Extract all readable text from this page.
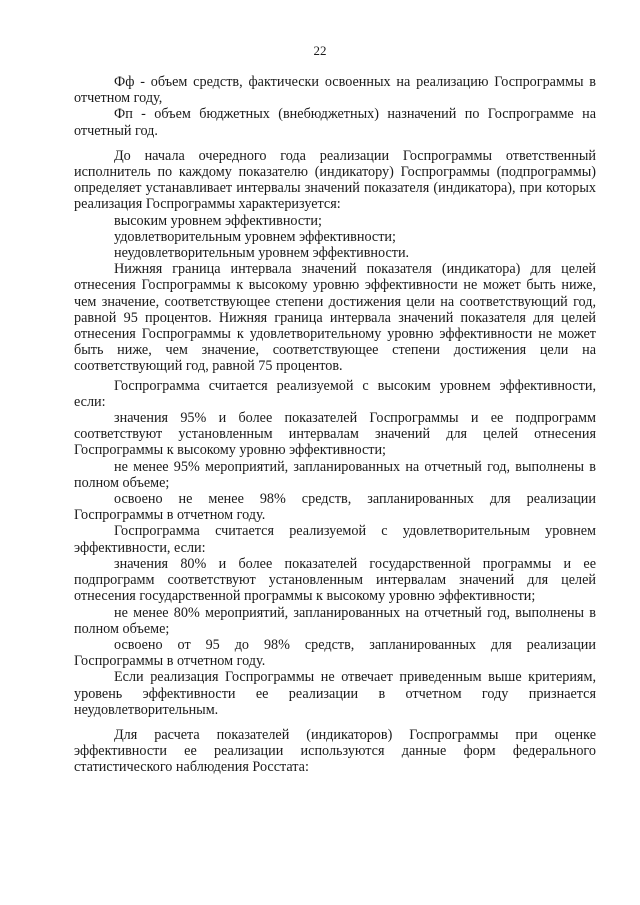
22

Фф - объем средств, фактически освоенных на реализацию Госпрограммы в отчетном году,

Фп - объем бюджетных (внебюджетных) назначений по Госпрограмме на отчетный год.

До начала очередного года реализации Госпрограммы ответственный исполнитель по каждому показателю (индикатору) Госпрограммы (подпрограммы) определяет устанавливает интервалы значений показателя (индикатора), при которых реализация Госпрограммы характеризуется:

высоким уровнем эффективности;

удовлетворительным уровнем эффективности;

неудовлетворительным уровнем эффективности.

Нижняя граница интервала значений показателя (индикатора) для целей отнесения Госпрограммы к высокому уровню эффективности не может быть ниже, чем значение, соответствующее степени достижения цели на соответствующий год, равной 95 процентов. Нижняя граница интервала значений показателя для целей отнесения Госпрограммы к удовлетворительному уровню эффективности не может быть ниже, чем значение, соответствующее степени достижения цели на соответствующий год, равной 75 процентов.

Госпрограмма считается реализуемой с высоким уровнем эффективности, если:

значения 95% и более показателей Госпрограммы и ее подпрограмм соответствуют установленным интервалам значений для целей отнесения Госпрограммы к высокому уровню эффективности;

не менее 95% мероприятий, запланированных на отчетный год, выполнены в полном объеме;

освоено не менее 98% средств, запланированных для реализации Госпрограммы в отчетном году.

Госпрограмма считается реализуемой с удовлетворительным уровнем эффективности, если:

значения 80% и более показателей государственной программы и ее подпрограмм соответствуют установленным интервалам значений для целей отнесения государственной программы к высокому уровню эффективности;

не менее 80% мероприятий, запланированных на отчетный год, выполнены в полном объеме;

освоено от 95 до 98% средств, запланированных для реализации Госпрограммы в отчетном году.

Если реализация Госпрограммы не отвечает приведенным выше критериям, уровень эффективности ее реализации в отчетном году признается неудовлетворительным.

Для расчета показателей (индикаторов) Госпрограммы при оценке эффективности ее реализации используются данные форм федерального статистического наблюдения Росстата:
